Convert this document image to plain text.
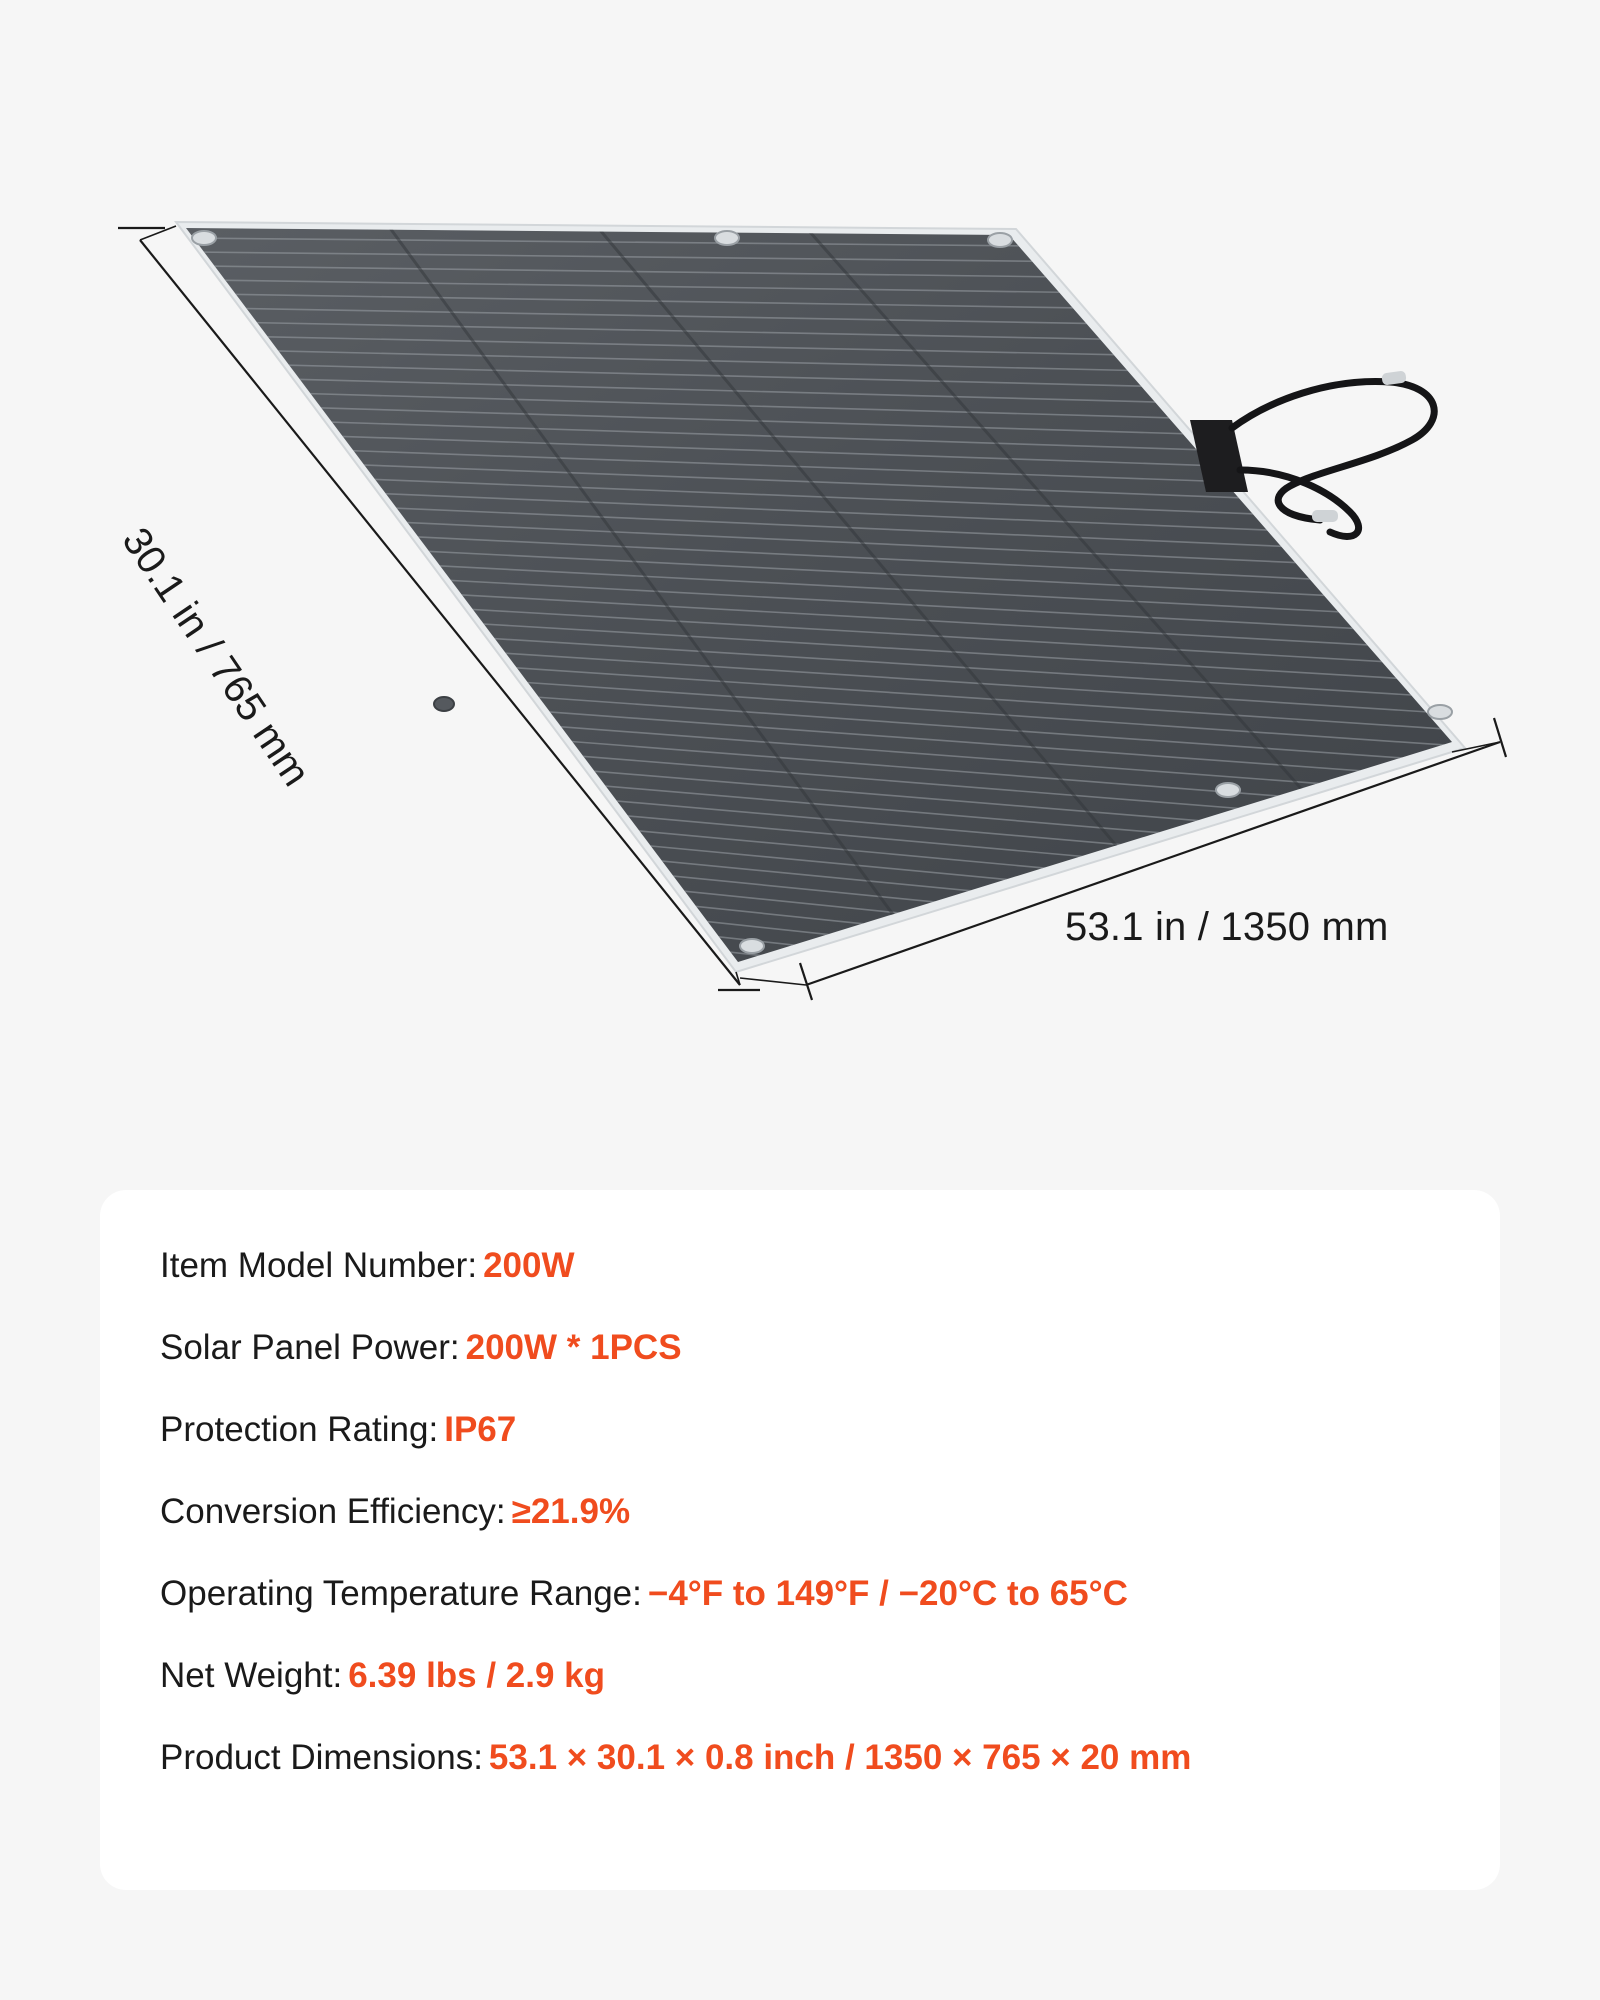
53.1 in / 1350 mm
30.1 in / 765 mm
Item Model Number: 200W
Solar Panel Power: 200W * 1PCS
Protection Rating: IP67
Conversion Efficiency: ≥21.9%
Operating Temperature Range: −4°F to 149°F / −20°C to 65°C
Net Weight: 6.39 lbs / 2.9 kg
Product Dimensions: 53.1 × 30.1 × 0.8 inch / 1350 × 765 × 20 mm
